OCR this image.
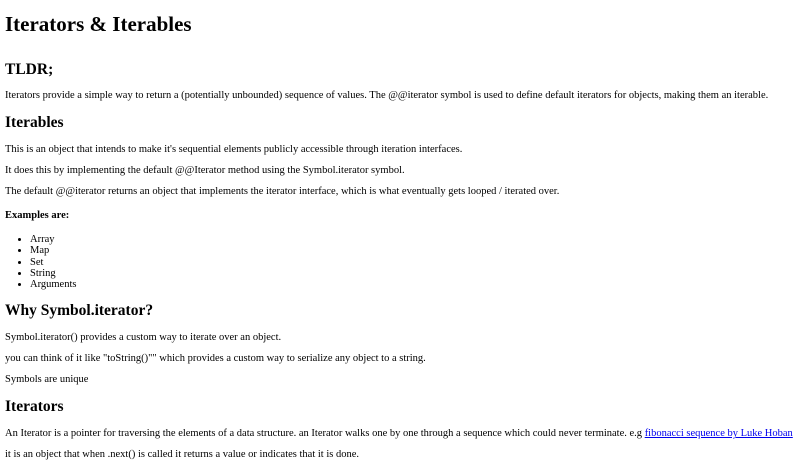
Iterators & Iterables
TLDR;

Iterators provide a simple way to return a (potentially unbounded) sequence of values. The @@iterator symbol is used to define default iterators for objects, making them an iterable.

Iterables

This is an object that intends to make it's sequential elements publicly accessible through iteration interfaces.

It does this by implementing the default @@Iterator method using the Symbol.iterator symbol.

The default @@iterator returns an object that implements the iterator interface, which is what eventually gets looped / iterated over.

Examples are:
• Array
• Map
• Set
• String
• Arguments
Why Symbol.iterator?

Symbol.iterator() provides a custom way to iterate over an object.

you can think of it like "toString()"" which provides a custom way to serialize any object to a string.

Symbols are unique

Iterators

An Iterator is a pointer for traversing the elements of a data structure. an Iterator walks one by one through a sequence which could never terminate. e.g fibonacci sequence by Luke Hoban

it is an object that when .next() is called it returns a value or indicates that it is done.
